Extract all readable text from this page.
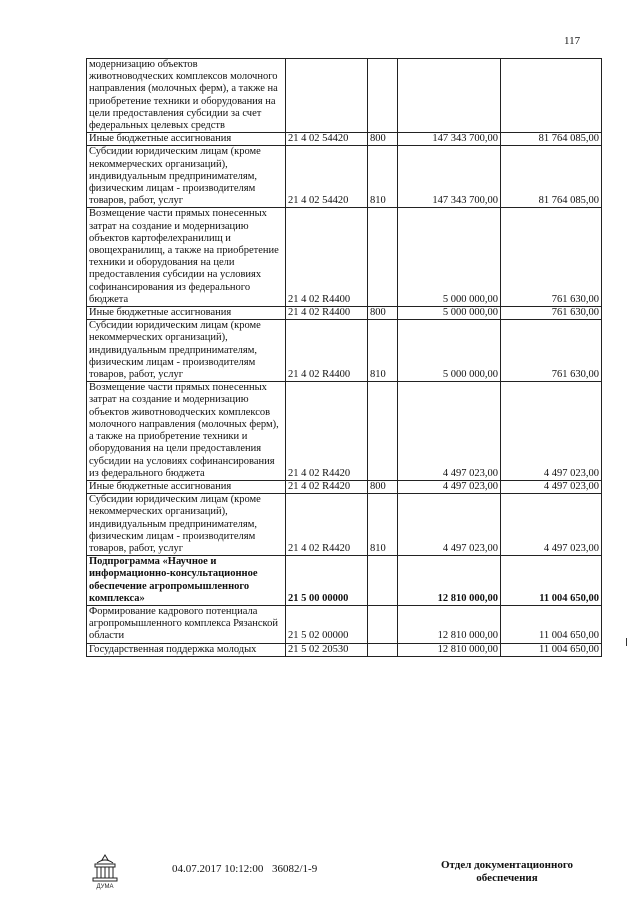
117
модернизацию объектов животноводческих комплексов молочного направления (молочных ферм), а также на приобретение техники и оборудования на цели предоставления субсидии за счет федеральных целевых средств				
Иные бюджетные ассигнования	21 4 02 54420	800	147 343 700,00	81 764 085,00
Субсидии юридическим лицам (кроме некоммерческих организаций), индивидуальным предпринимателям, физическим лицам - производителям товаров, работ, услуг	21 4 02 54420	810	147 343 700,00	81 764 085,00
Возмещение части прямых понесенных затрат на создание и модернизацию объектов картофелехранилищ и овощехранилищ, а также на приобретение техники и оборудования на цели предоставления субсидии на условиях софинансирования из федерального бюджета	21 4 02 R4400		5 000 000,00	761 630,00
Иные бюджетные ассигнования	21 4 02 R4400	800	5 000 000,00	761 630,00
Субсидии юридическим лицам (кроме некоммерческих организаций), индивидуальным предпринимателям, физическим лицам - производителям товаров, работ, услуг	21 4 02 R4400	810	5 000 000,00	761 630,00
Возмещение части прямых понесенных затрат на создание и модернизацию объектов животноводческих комплексов молочного направления (молочных ферм), а также на приобретение техники и оборудования на цели предоставления субсидии на условиях софинансирования из федерального бюджета	21 4 02 R4420		4 497 023,00	4 497 023,00
Иные бюджетные ассигнования	21 4 02 R4420	800	4 497 023,00	4 497 023,00
Субсидии юридическим лицам (кроме некоммерческих организаций), индивидуальным предпринимателям, физическим лицам - производителям товаров, работ, услуг	21 4 02 R4420	810	4 497 023,00	4 497 023,00
Подпрограмма «Научное и информационно-консультационное обеспечение агропромышленного комплекса»	21 5 00 00000		12 810 000,00	11 004 650,00
Формирование кадрового потенциала агропромышленного комплекса Рязанской области	21 5 02 00000		12 810 000,00	11 004 650,00
Государственная поддержка молодых	21 5 02 20530		12 810 000,00	11 004 650,00
ДУМА
04.07.2017 10:12:00 36082/1-9	Отдел документационного обеспечения
